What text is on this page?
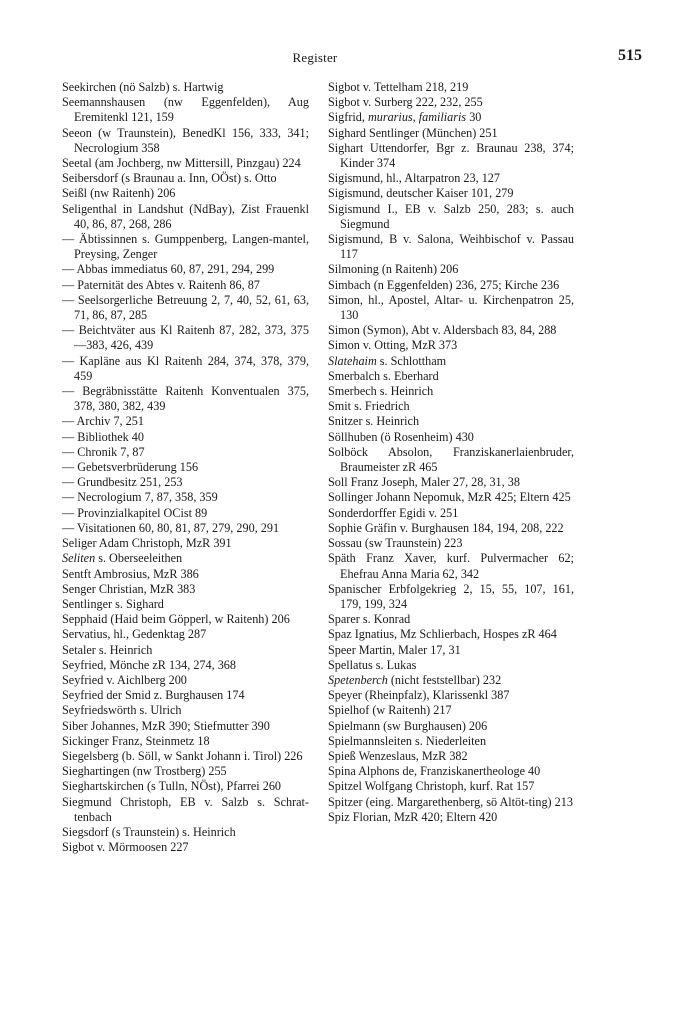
Register	515

Seekirchen (nö Salzb) s. Hartwig

Seemannshausen (nw Eggenfelden), Aug Eremitenkl 121, 159

Seeon (w Traunstein), BenedKl 156, 333, 341; Necrologium 358

Seetal (am Jochberg, nw Mittersill, Pinzgau) 224

Seibersdorf (s Braunau a. Inn, OÖst) s. Otto

Seißl (nw Raitenh) 206

Seligenthal in Landshut (NdBay), Zist Frauenkl 40, 86, 87, 268, 286

— Äbtissinnen s. Gumppenberg, Langen-mantel, Preysing, Zenger

— Abbas immediatus 60, 87, 291, 294, 299

— Paternität des Abtes v. Raitenh 86, 87

— Seelsorgerliche Betreuung 2, 7, 40, 52, 61, 63, 71, 86, 87, 285

— Beichtväter aus Kl Raitenh 87, 282, 373, 375—383, 426, 439

— Kapläne aus Kl Raitenh 284, 374, 378, 379, 459

— Begräbnisstätte Raitenh Konventualen 375, 378, 380, 382, 439

— Archiv 7, 251

— Bibliothek 40

— Chronik 7, 87

— Gebetsverbrüderung 156

— Grundbesitz 251, 253

— Necrologium 7, 87, 358, 359

— Provinzialkapitel OCist 89

— Visitationen 60, 80, 81, 87, 279, 290, 291

Seliger Adam Christoph, MzR 391

Seliten s. Oberseeleithen

Sentft Ambrosius, MzR 386

Senger Christian, MzR 383

Sentlinger s. Sighard

Sepphaid (Haid beim Göpperl, w Raitenh) 206

Servatius, hl., Gedenktag 287

Setaler s. Heinrich

Seyfried, Mönche zR 134, 274, 368

Seyfried v. Aichlberg 200

Seyfried der Smid z. Burghausen 174

Seyfriedswörth s. Ulrich

Siber Johannes, MzR 390; Stiefmutter 390

Sickinger Franz, Steinmetz 18

Siegelsberg (b. Söll, w Sankt Johann i. Tirol) 226

Sieghartingen (nw Trostberg) 255

Sieghartskirchen (s Tulln, NÖst), Pfarrei 260

Siegmund Christoph, EB v. Salzb s. Schrat-tenbach

Siegsdorf (s Traunstein) s. Heinrich

Sigbot v. Mörmoosen 227

Sigbot v. Tettelham 218, 219

Sigbot v. Surberg 222, 232, 255

Sigfrid, murarius, familiaris 30

Sighard Sentlinger (München) 251

Sighart Uttendorfer, Bgr z. Braunau 238, 374; Kinder 374

Sigismund, hl., Altarpatron 23, 127

Sigismund, deutscher Kaiser 101, 279

Sigismund I., EB v. Salzb 250, 283; s. auch Siegmund

Sigismund, B v. Salona, Weihbischof v. Passau 117

Silmoning (n Raitenh) 206

Simbach (n Eggenfelden) 236, 275; Kirche 236

Simon, hl., Apostel, Altar- u. Kirchenpatron 25, 130

Simon (Symon), Abt v. Aldersbach 83, 84, 288

Simon v. Otting, MzR 373

Slatehaim s. Schlottham

Smerbalch s. Eberhard

Smerbech s. Heinrich

Smit s. Friedrich

Snitzer s. Heinrich

Söllhuben (ö Rosenheim) 430

Solböck Absolon, Franziskanerlaienbruder, Braumeister zR 465

Soll Franz Joseph, Maler 27, 28, 31, 38

Sollinger Johann Nepomuk, MzR 425; Eltern 425

Sonderdorffer Egidi v. 251

Sophie Gräfin v. Burghausen 184, 194, 208, 222

Sossau (sw Traunstein) 223

Späth Franz Xaver, kurf. Pulvermacher 62; Ehefrau Anna Maria 62, 342

Spanischer Erbfolgekrieg 2, 15, 55, 107, 161, 179, 199, 324

Sparer s. Konrad

Spaz Ignatius, Mz Schlierbach, Hospes zR 464

Speer Martin, Maler 17, 31

Spellatus s. Lukas

Spetenberch (nicht feststellbar) 232

Speyer (Rheinpfalz), Klarissenkl 387

Spielhof (w Raitenh) 217

Spielmann (sw Burghausen) 206

Spielmannsleiten s. Niederleiten

Spieß Wenzeslaus, MzR 382

Spina Alphons de, Franziskanertheologe 40

Spitzel Wolfgang Christoph, kurf. Rat 157

Spitzer (eing. Margarethenberg, sö Altöt-ting) 213

Spiz Florian, MzR 420; Eltern 420
